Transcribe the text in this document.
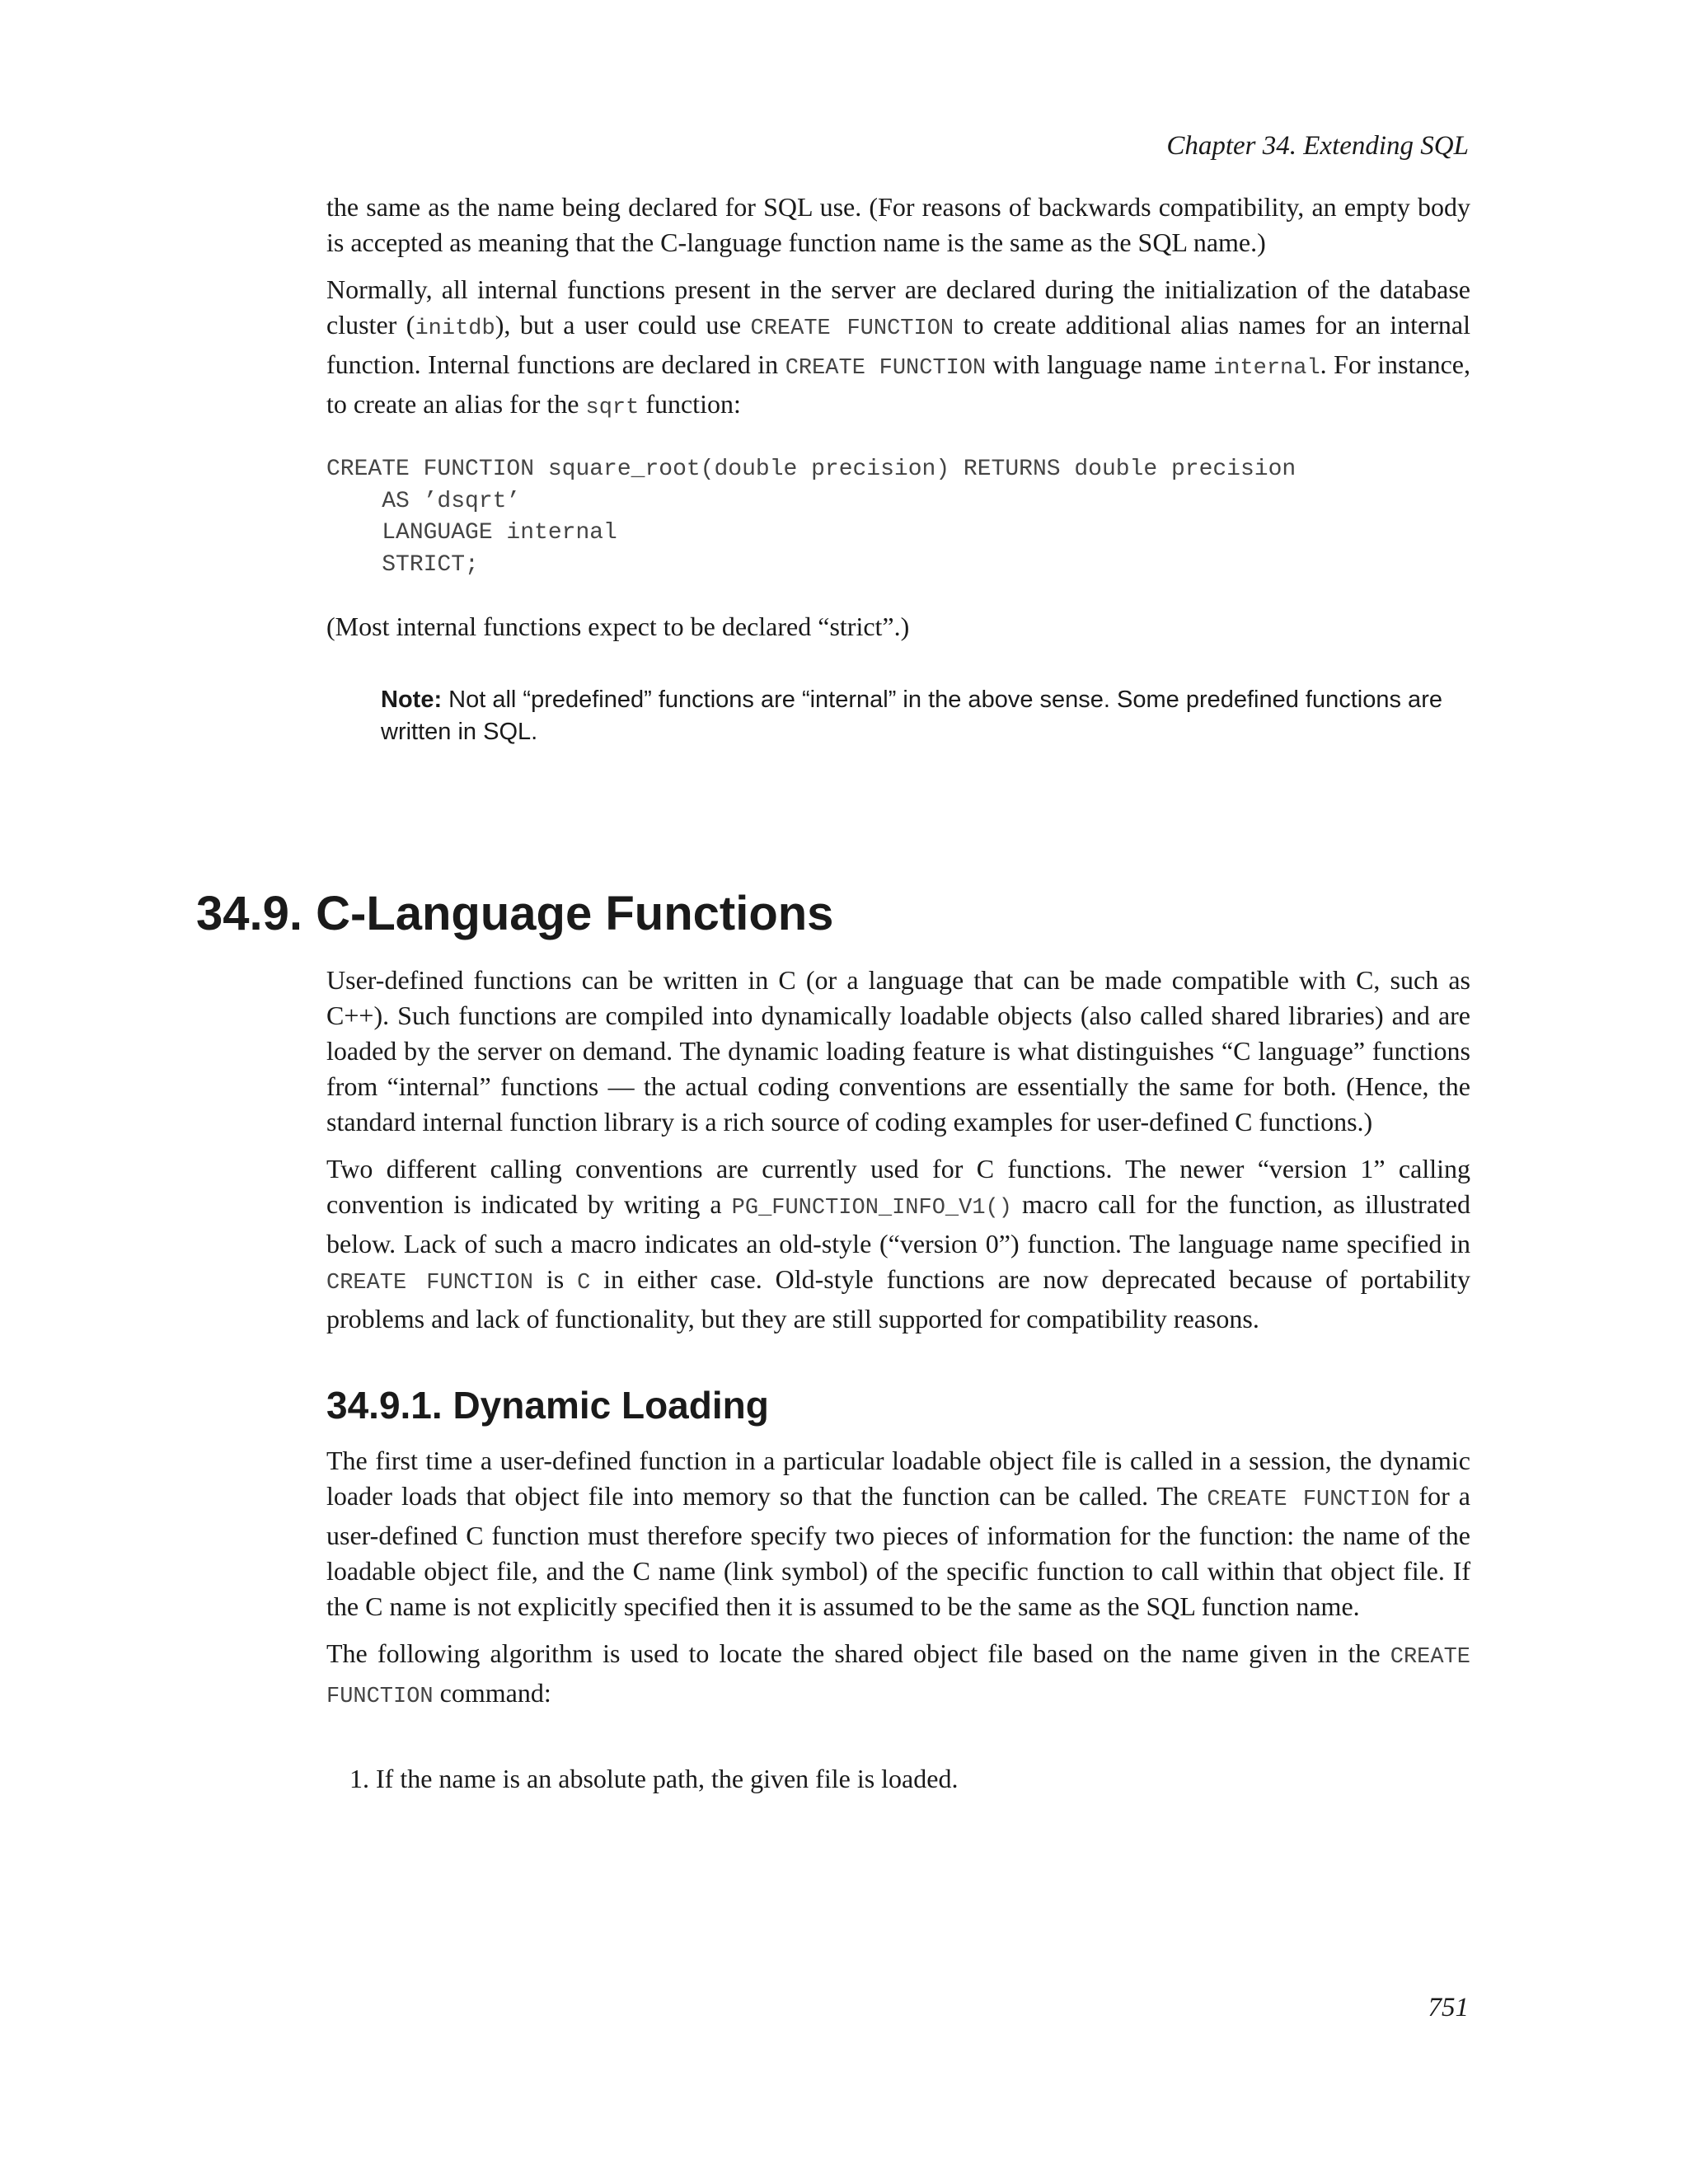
Chapter 34. Extending SQL

the same as the name being declared for SQL use. (For reasons of backwards compatibility, an empty body is accepted as meaning that the C-language function name is the same as the SQL name.)

Normally, all internal functions present in the server are declared during the initialization of the database cluster (initdb), but a user could use CREATE FUNCTION to create additional alias names for an internal function. Internal functions are declared in CREATE FUNCTION with language name internal. For instance, to create an alias for the sqrt function:

CREATE FUNCTION square_root(double precision) RETURNS double precision
AS ’dsqrt’
LANGUAGE internal
STRICT;

(Most internal functions expect to be declared “strict”.)

Note: Not all “predefined” functions are “internal” in the above sense. Some predefined functions are written in SQL.
34.9. C-Language Functions

User-defined functions can be written in C (or a language that can be made compatible with C, such as C++). Such functions are compiled into dynamically loadable objects (also called shared libraries) and are loaded by the server on demand. The dynamic loading feature is what distinguishes “C language” functions from “internal” functions — the actual coding conventions are essentially the same for both. (Hence, the standard internal function library is a rich source of coding examples for user-defined C functions.)

Two different calling conventions are currently used for C functions. The newer “version 1” calling convention is indicated by writing a PG_FUNCTION_INFO_V1() macro call for the function, as illustrated below. Lack of such a macro indicates an old-style (“version 0”) function. The language name specified in CREATE FUNCTION is C in either case. Old-style functions are now deprecated because of portability problems and lack of functionality, but they are still supported for compatibility reasons.

34.9.1. Dynamic Loading

The first time a user-defined function in a particular loadable object file is called in a session, the dynamic loader loads that object file into memory so that the function can be called. The CREATE FUNCTION for a user-defined C function must therefore specify two pieces of information for the function: the name of the loadable object file, and the C name (link symbol) of the specific function to call within that object file. If the C name is not explicitly specified then it is assumed to be the same as the SQL function name.

The following algorithm is used to locate the shared object file based on the name given in the CREATE FUNCTION command:

1. If the name is an absolute path, the given file is loaded.
751
